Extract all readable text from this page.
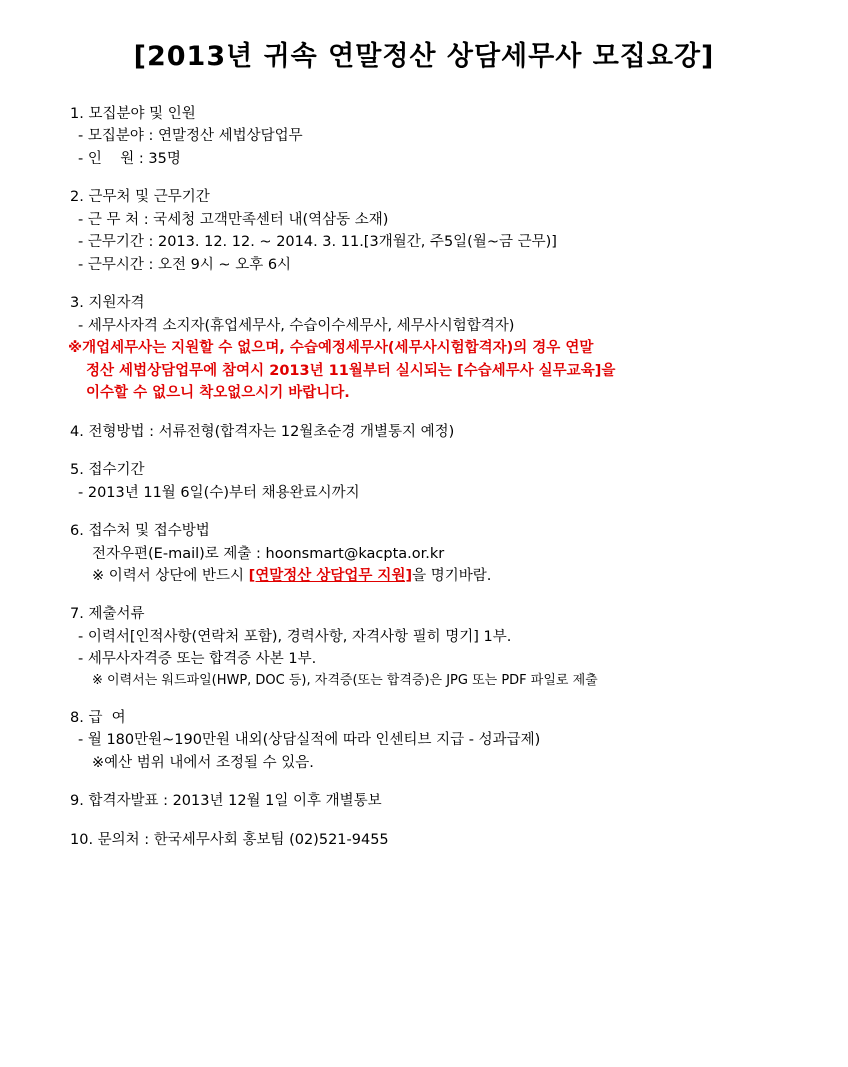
[2013년 귀속 연말정산 상담세무사 모집요강]
1. 모집분야 및 인원
- 모집분야 : 연말정산 세법상담업무
- 인    원 : 35명
2. 근무처 및 근무기간
- 근 무 처 : 국세청 고객만족센터 내(역삼동 소재)
- 근무기간 : 2013. 12. 12. ~ 2014. 3. 11.[3개월간, 주5일(월~금 근무)]
- 근무시간 : 오전 9시 ~ 오후 6시
3. 지원자격
- 세무사자격 소지자(휴업세무사, 수습이수세무사, 세무사시험합격자)
※개업세무사는 지원할 수 없으며, 수습예정세무사(세무사시험합격자)의 경우 연말
정산 세법상담업무에 참여시 2013년 11월부터 실시되는 [수습세무사 실무교육]을
이수할 수 없으니 착오없으시기 바랍니다.
4. 전형방법 : 서류전형(합격자는 12월초순경 개별통지 예정)
5. 접수기간
- 2013년 11월 6일(수)부터 채용완료시까지
6. 접수처 및 접수방법
전자우편(E-mail)로 제출 : hoonsmart@kacpta.or.kr
※ 이력서 상단에 반드시 [연말정산 상담업무 지원]을 명기바람.
7. 제출서류
- 이력서[인적사항(연락처 포함), 경력사항, 자격사항 필히 명기] 1부.
- 세무사자격증 또는 합격증 사본 1부.
※ 이력서는 워드파일(HWP, DOC 등), 자격증(또는 합격증)은 JPG 또는 PDF 파일로 제출
8. 급  여
- 월 180만원~190만원 내외(상담실적에 따라 인센티브 지급 - 성과급제)
※예산 범위 내에서 조정될 수 있음.
9. 합격자발표 : 2013년 12월 1일 이후 개별통보
10. 문의처 : 한국세무사회 홍보팀 (02)521-9455
